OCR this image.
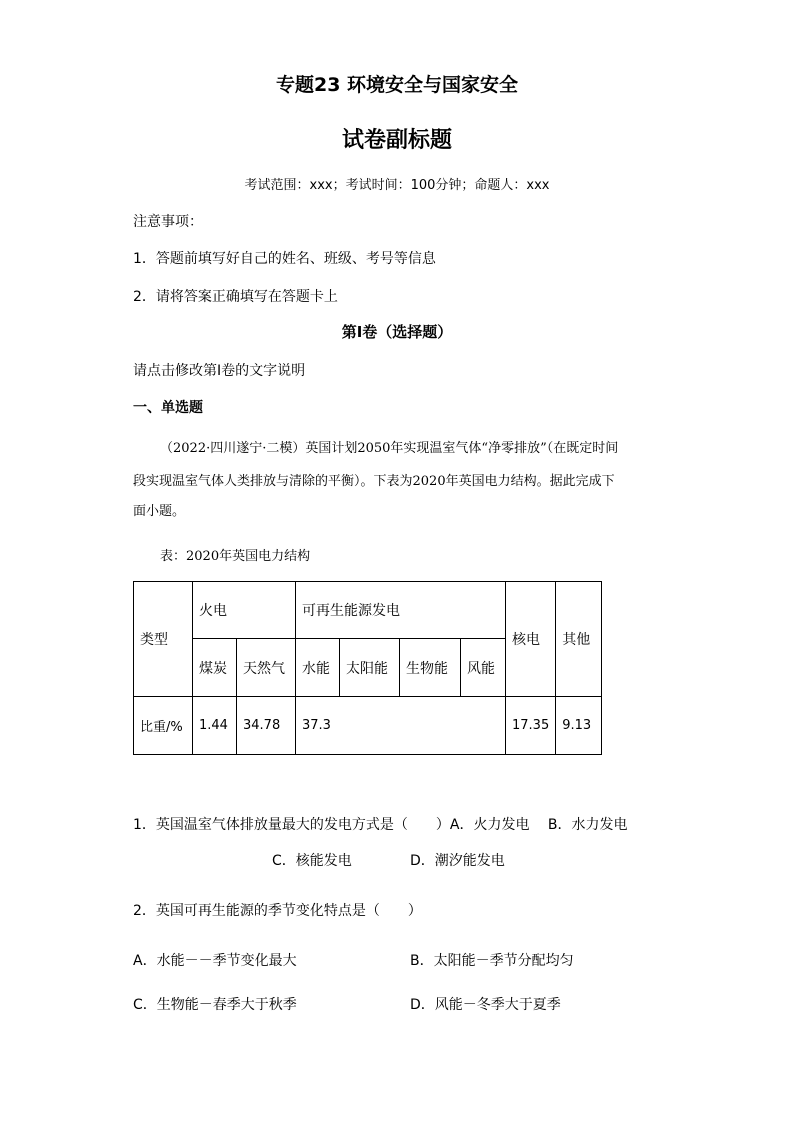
专题23 环境安全与国家安全
试卷副标题
考试范围：xxx；考试时间：100分钟；命题人：xxx
注意事项：
1．答题前填写好自己的姓名、班级、考号等信息
2．请将答案正确填写在答题卡上
第I卷（选择题）
请点击修改第I卷的文字说明
一、单选题
（2022·四川遂宁·二模）英国计划2050年实现温室气体“净零排放”（在既定时间
段实现温室气体人类排放与清除的平衡）。下表为2020年英国电力结构。据此完成下
面小题。
表：2020年英国电力结构
类型	火电		可再生能源发电				核电	其他
	煤炭	天然气	水能	太阳能	生物能	风能		
比重/%	1.44	34.78	37.3				17.35	9.13
1．英国温室气体排放量最大的发电方式是（　　）A．火力发电　 B．水力发电
C．核能发电	D．潮汐能发电
2．英国可再生能源的季节变化特点是（　　）
A．水能－－季节变化最大	B．太阳能－季节分配均匀
C．生物能－春季大于秋季	D．风能－冬季大于夏季
